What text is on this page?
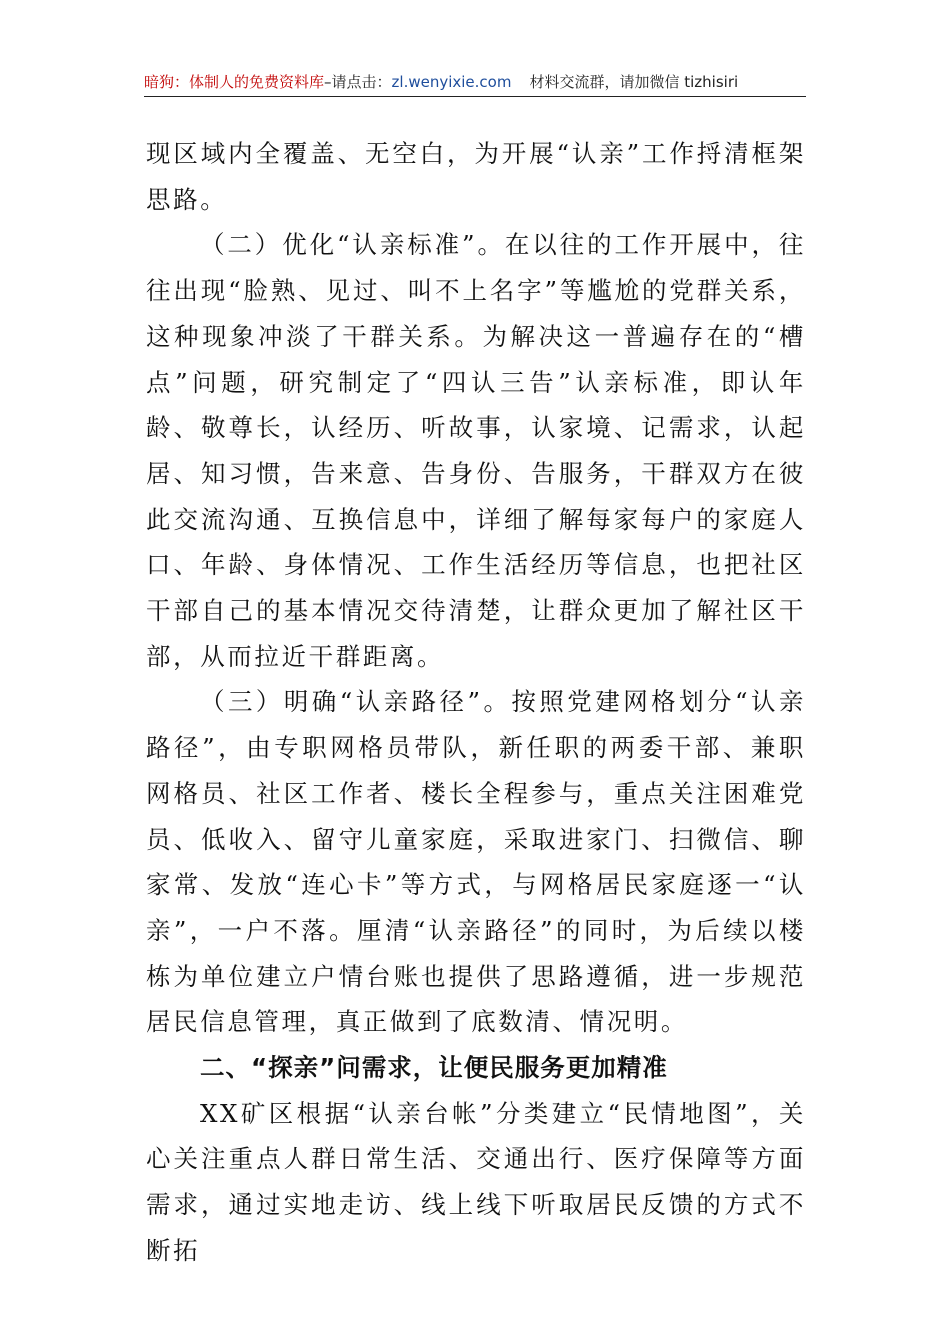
暗狗：体制人的免费资料库–请点击：zl.wenyixie.com 材料交流群，请加微信 tizhisiri

现区域内全覆盖、无空白，为开展“认亲”工作捋清框架思路。

（二）优化“认亲标准”。在以往的工作开展中，往往出现“脸熟、见过、叫不上名字”等尴尬的党群关系，这种现象冲淡了干群关系。为解决这一普遍存在的“槽点”问题，研究制定了“四认三告”认亲标准，即认年龄、敬尊长，认经历、听故事，认家境、记需求，认起居、知习惯，告来意、告身份、告服务，干群双方在彼此交流沟通、互换信息中，详细了解每家每户的家庭人口、年龄、身体情况、工作生活经历等信息，也把社区干部自己的基本情况交待清楚，让群众更加了解社区干部，从而拉近干群距离。

（三）明确“认亲路径”。按照党建网格划分“认亲路径”，由专职网格员带队，新任职的两委干部、兼职网格员、社区工作者、楼长全程参与，重点关注困难党员、低收入、留守儿童家庭，采取进家门、扫微信、聊家常、发放“连心卡”等方式，与网格居民家庭逐一“认亲”，一户不落。厘清“认亲路径”的同时，为后续以楼栋为单位建立户情台账也提供了思路遵循，进一步规范居民信息管理，真正做到了底数清、情况明。

二、“探亲”问需求，让便民服务更加精准

XX矿区根据“认亲台帐”分类建立“民情地图”，关心关注重点人群日常生活、交通出行、医疗保障等方面需求，通过实地走访、线上线下听取居民反馈的方式不断拓
